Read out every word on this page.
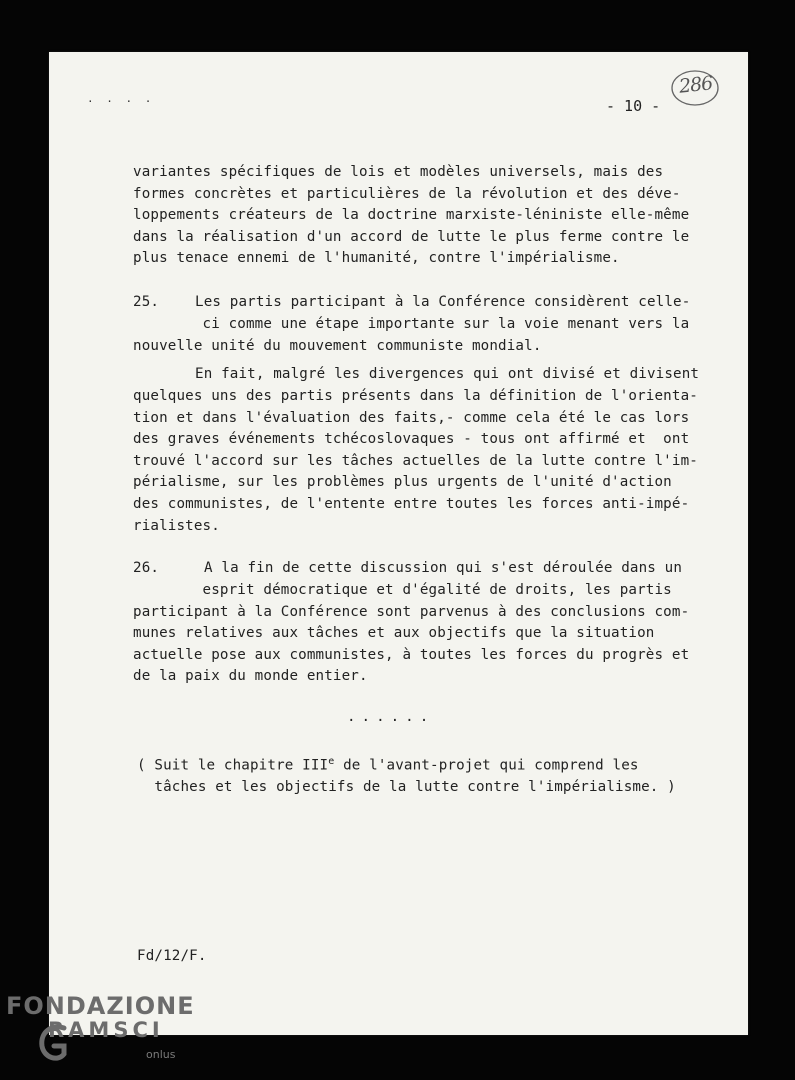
. . . .	- 10 -
286
variantes spécifiques de lois et modèles universels, mais des
formes concrètes et particulières de la révolution et des déve-
loppements créateurs de la doctrine marxiste-léniniste elle-même
dans la réalisation d'un accord de lutte le plus ferme contre le
plus tenace ennemi de l'humanité, contre l'impérialisme.
25.	Les partis participant à la Conférence considèrent celle-
ci comme une étape importante sur la voie menant vers la
nouvelle unité du mouvement communiste mondial.
En fait, malgré les divergences qui ont divisé et divisent
quelques uns des partis présents dans la définition de l'orienta-
tion et dans l'évaluation des faits,- comme cela été le cas lors
des graves événements tchécoslovaques - tous ont affirmé et  ont
trouvé l'accord sur les tâches actuelles de la lutte contre l'im-
périalisme, sur les problèmes plus urgents de l'unité d'action
des communistes, de l'entente entre toutes les forces anti-impé-
rialistes.
26.	A la fin de cette discussion qui s'est déroulée dans un
esprit démocratique et d'égalité de droits, les partis
participant à la Conférence sont parvenus à des conclusions com-
munes relatives aux tâches et aux objectifs que la situation
actuelle pose aux communistes, à toutes les forces du progrès et
de la paix du monde entier.
......
( Suit le chapitre IIIe de l'avant-projet qui comprend les
tâches et les objectifs de la lutte contre l'impérialisme. )
Fd/12/F.
FONDAZIONE
RAMSCI
onlus
